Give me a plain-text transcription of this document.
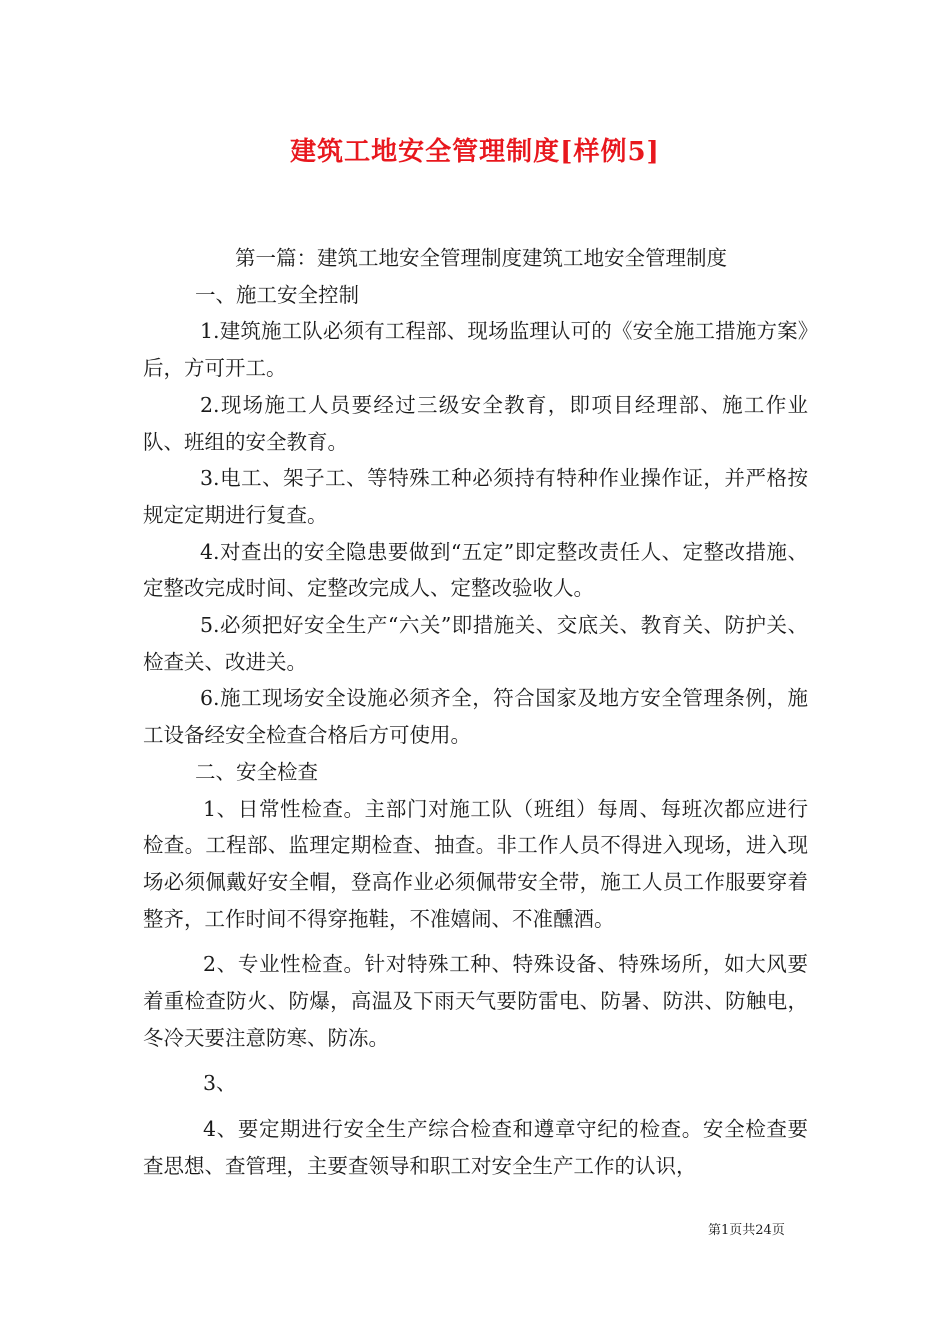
建筑工地安全管理制度[样例5]

第一篇：建筑工地安全管理制度建筑工地安全管理制度

一、施工安全控制

1.建筑施工队必须有工程部、现场监理认可的《安全施工措施方案》后，方可开工。

2.现场施工人员要经过三级安全教育，即项目经理部、施工作业队、班组的安全教育。

3.电工、架子工、等特殊工种必须持有特种作业操作证，并严格按规定定期进行复查。

4.对查出的安全隐患要做到“五定”即定整改责任人、定整改措施、定整改完成时间、定整改完成人、定整改验收人。

5.必须把好安全生产“六关”即措施关、交底关、教育关、防护关、检查关、改进关。

6.施工现场安全设施必须齐全，符合国家及地方安全管理条例，施工设备经安全检查合格后方可使用。

二、安全检查

1、日常性检查。主部门对施工队（班组）每周、每班次都应进行检查。工程部、监理定期检查、抽查。非工作人员不得进入现场，进入现场必须佩戴好安全帽，登高作业必须佩带安全带，施工人员工作服要穿着整齐，工作时间不得穿拖鞋，不准嬉闹、不准醺酒。

2、专业性检查。针对特殊工种、特殊设备、特殊场所，如大风要着重检查防火、防爆，高温及下雨天气要防雷电、防暑、防洪、防触电，冬冷天要注意防寒、防冻。

3、

4、要定期进行安全生产综合检查和遵章守纪的检查。安全检查要查思想、查管理，主要查领导和职工对安全生产工作的认识，

第1页共24页
